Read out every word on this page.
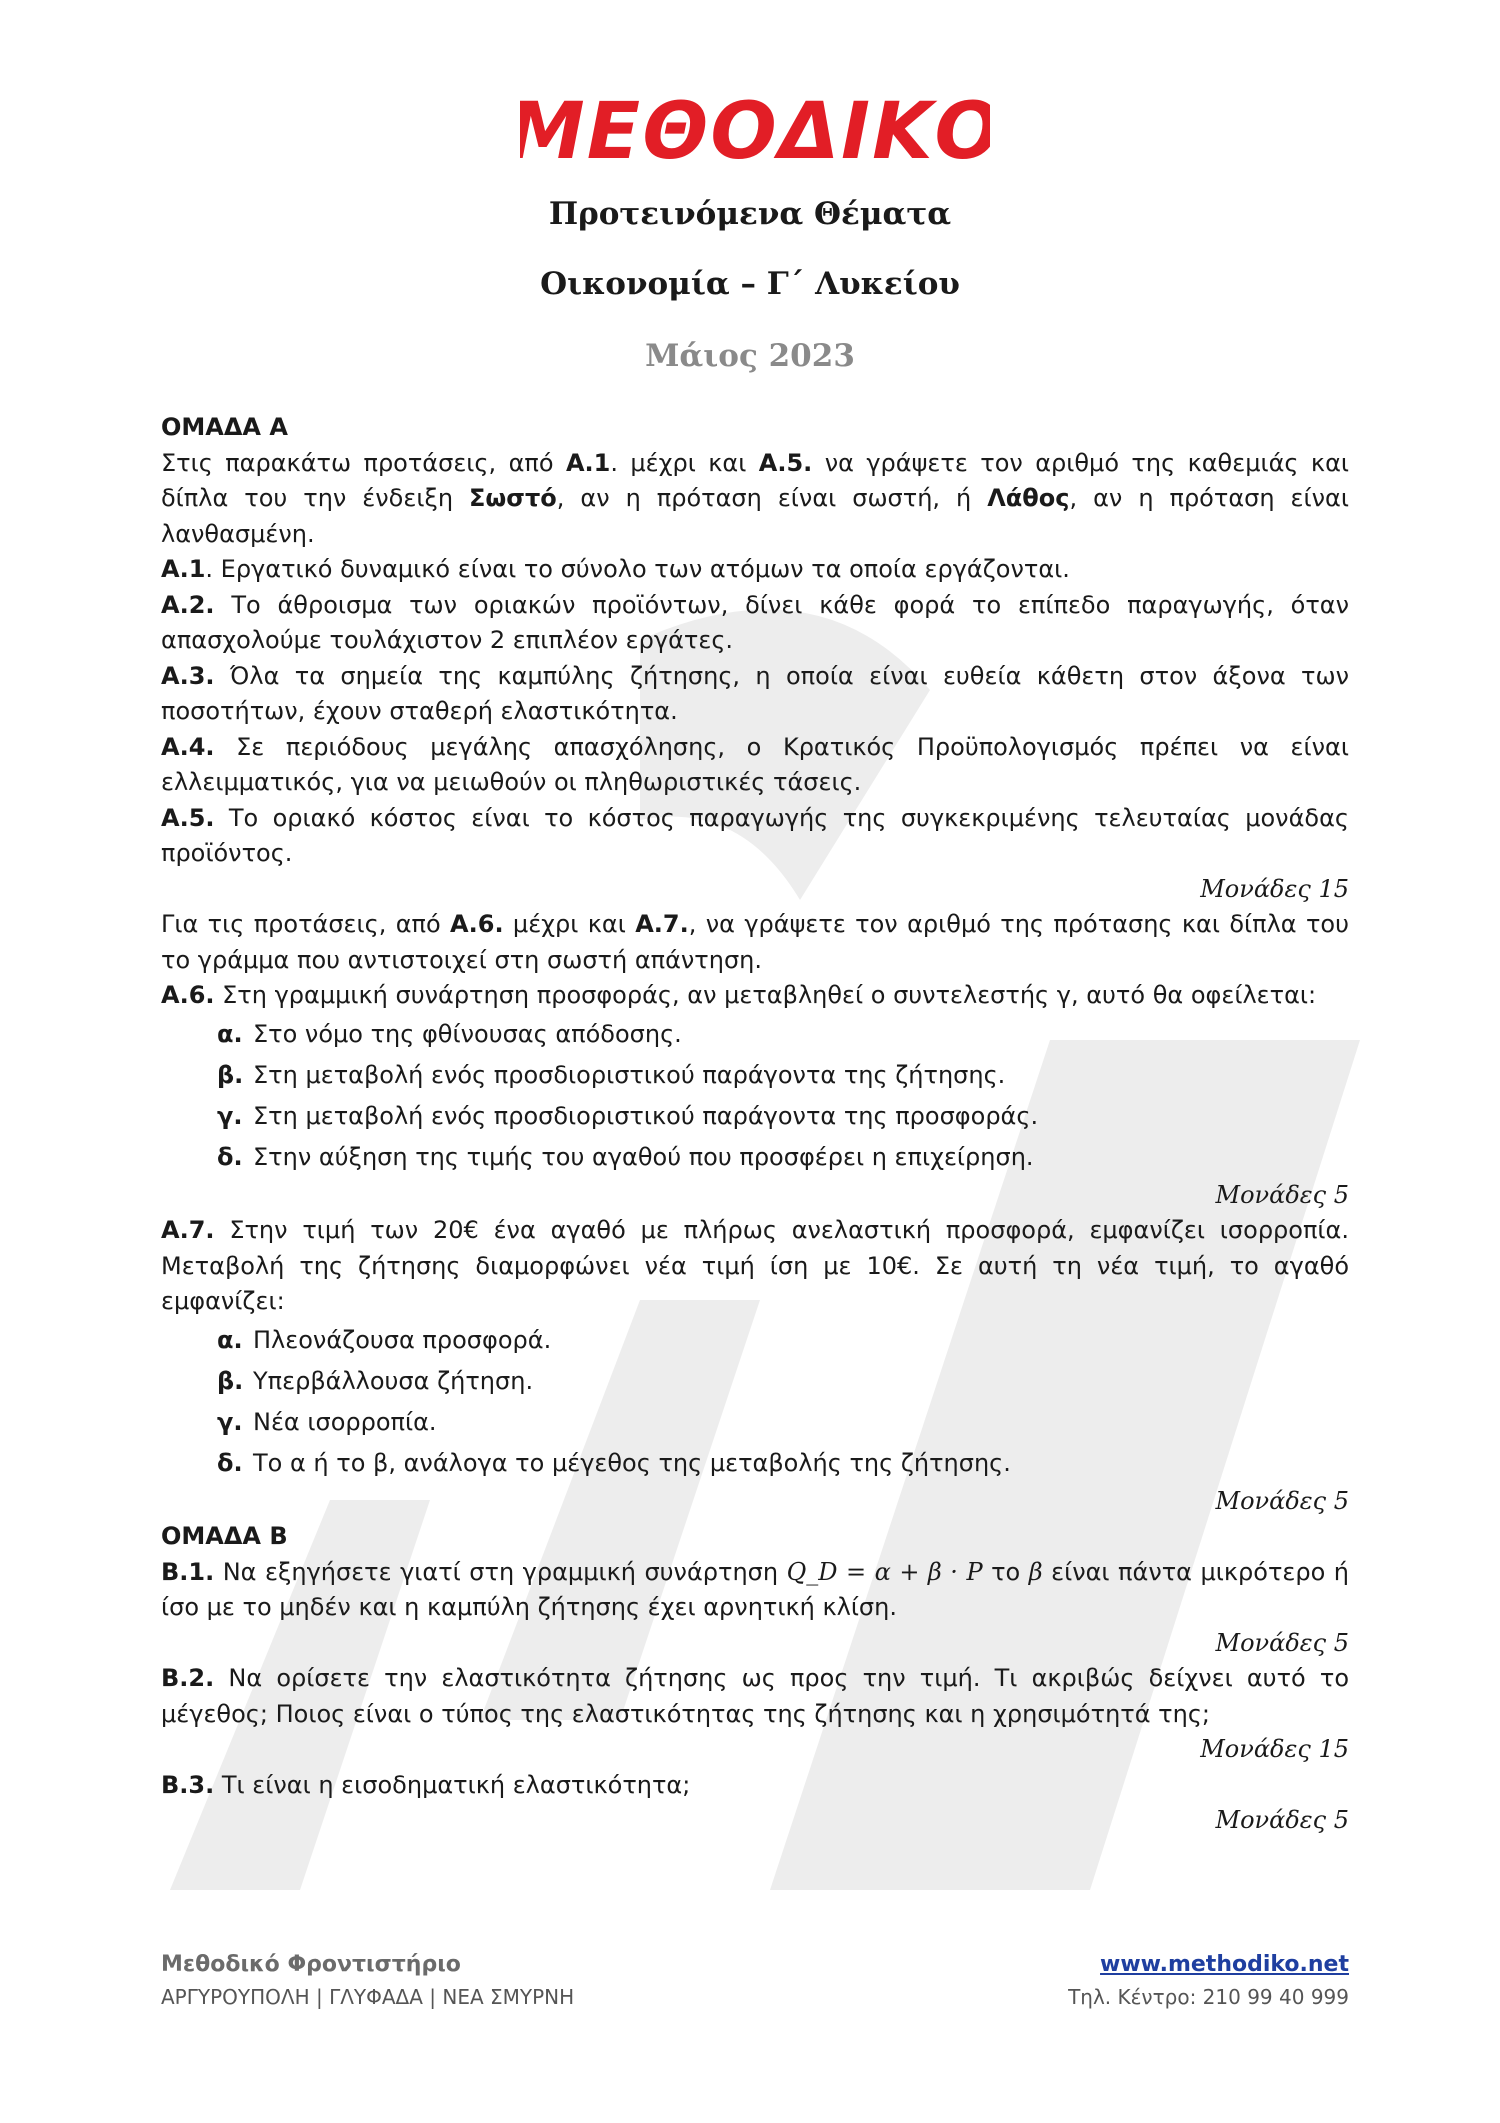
ΜΕΘΟΔΙΚΟ
Προτεινόμενα Θέματα
Οικονομία – Γ΄ Λυκείου
Μάιος 2023

ΟΜΑΔΑ Α

Στις παρακάτω προτάσεις, από Α.1. μέχρι και Α.5. να γράψετε τον αριθμό της καθεμιάς και δίπλα του την ένδειξη Σωστό, αν η πρόταση είναι σωστή, ή Λάθος, αν η πρόταση είναι λανθασμένη.

Α.1. Εργατικό δυναμικό είναι το σύνολο των ατόμων τα οποία εργάζονται.

Α.2. Το άθροισμα των οριακών προϊόντων, δίνει κάθε φορά το επίπεδο παραγωγής, όταν απασχολούμε τουλάχιστον 2 επιπλέον εργάτες.

Α.3. Όλα τα σημεία της καμπύλης ζήτησης, η οποία είναι ευθεία κάθετη στον άξονα των ποσοτήτων, έχουν σταθερή ελαστικότητα.

Α.4. Σε περιόδους μεγάλης απασχόλησης, ο Κρατικός Προϋπολογισμός πρέπει να είναι ελλειμματικός, για να μειωθούν οι πληθωριστικές τάσεις.

Α.5. Το οριακό κόστος είναι το κόστος παραγωγής της συγκεκριμένης τελευταίας μονάδας προϊόντος.

Μονάδες 15

Για τις προτάσεις, από Α.6. μέχρι και Α.7., να γράψετε τον αριθμό της πρότασης και δίπλα του το γράμμα που αντιστοιχεί στη σωστή απάντηση.

Α.6. Στη γραμμική συνάρτηση προσφοράς, αν μεταβληθεί ο συντελεστής γ, αυτό θα οφείλεται:

α. Στο νόμο της φθίνουσας απόδοσης.

β. Στη μεταβολή ενός προσδιοριστικού παράγοντα της ζήτησης.

γ. Στη μεταβολή ενός προσδιοριστικού παράγοντα της προσφοράς.

δ. Στην αύξηση της τιμής του αγαθού που προσφέρει η επιχείρηση.

Μονάδες 5

Α.7. Στην τιμή των 20€ ένα αγαθό με πλήρως ανελαστική προσφορά, εμφανίζει ισορροπία. Μεταβολή της ζήτησης διαμορφώνει νέα τιμή ίση με 10€. Σε αυτή τη νέα τιμή, το αγαθό εμφανίζει:

α. Πλεονάζουσα προσφορά.

β. Υπερβάλλουσα ζήτηση.

γ. Νέα ισορροπία.

δ. Το α ή το β, ανάλογα το μέγεθος της μεταβολής της ζήτησης.

Μονάδες 5

ΟΜΑΔΑ Β

Β.1. Να εξηγήσετε γιατί στη γραμμική συνάρτηση Q_D = α + β · P το β είναι πάντα μικρότερο ή ίσο με το μηδέν και η καμπύλη ζήτησης έχει αρνητική κλίση.

Μονάδες 5

Β.2. Να ορίσετε την ελαστικότητα ζήτησης ως προς την τιμή. Τι ακριβώς δείχνει αυτό το μέγεθος; Ποιος είναι ο τύπος της ελαστικότητας της ζήτησης και η χρησιμότητά της;

Μονάδες 15

Β.3. Τι είναι η εισοδηματική ελαστικότητα;

Μονάδες 5

Μεθοδικό Φροντιστήριο	www.methodiko.net
ΑΡΓΥΡΟΥΠΟΛΗ | ΓΛΥΦΑΔΑ | ΝΕΑ ΣΜΥΡΝΗ	Τηλ. Κέντρο: 210 99 40 999
